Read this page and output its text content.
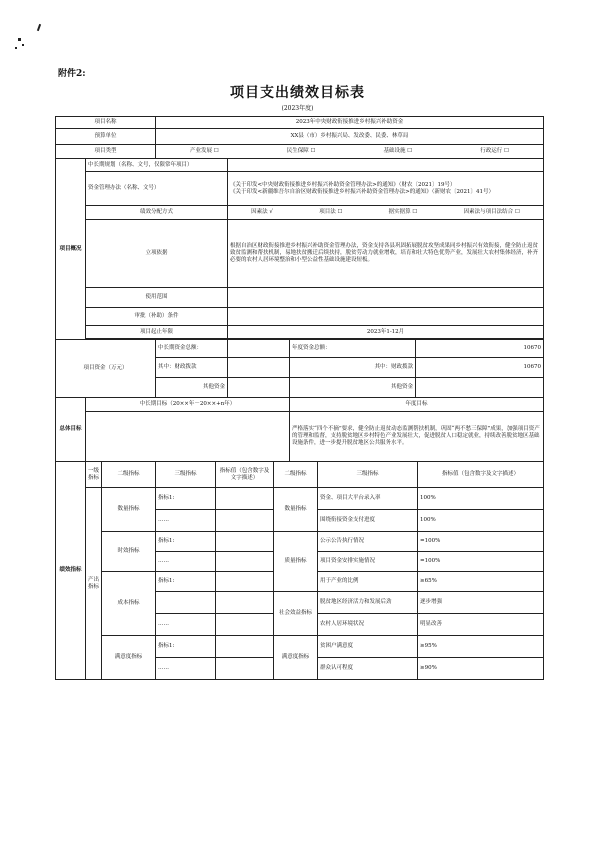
附件2:
项目支出绩效目标表
(2023年度)
项目名称		2023年中央财政衔接推进乡村振兴补助资金			
预算单位		XX县（市）乡村振兴局、发改委、民委、林草局			
项目类型		产业发展 ☐ 民生保障 ☐ 基础设施 ☐ 行政运行 ☐			

项目概况	中长期规划（名称、文号，仅限常年项目）				
	资金管理办法（名称、文号）		《关于印发<中央财政衔接推进乡村振兴补助资金管理办法>的通知》（财农〔2021〕19号）
《关于印发<新疆维吾尔自治区财政衔接推进乡村振兴补助资金管理办法>的通知》（新财农〔2021〕41号）		

	绩效分配方式		因素法 √ 项目法 ☐ 据实据算 ☐ 因素法与项目法结合 ☐		

	立项依据		根据自治区财政衔接推进乡村振兴补助资金管理办法，资金支持各县巩固拓展脱贫攻坚成果同乡村振兴有效衔接，健全防止返贫致贫监测和帮扶机制，易地扶贫搬迁后续扶持，脱贫劳动力就业增收，培育和壮大特色优势产业，发展壮大农村集体经济，补齐必要的农村人居环境整治和小型公益性基础设施建设短板。		
	使用范围				
	审批（补助）条件				
	项目起止年限		2023年1-12月		

项目资金（万元）		中长期资金总额：		年度资金总额：	10670
		其中：财政拨款		其中：财政拨款	10670
		其他资金		其他资金	
总体目标	中长期目标（20××年－20××+n年）			年度目标	
				严格落实“四个不摘”要求，健全防止返贫动态监测帮扶机制，巩固“两不愁三保障”成果，加强项目资产的管理和监督，支持脱贫地区乡村特色产业发展壮大，促进脱贫人口稳定就业，持续改善脱贫地区基础设施条件，进一步提升脱贫地区公共服务水平。	
绩效指标	一级指标	二级指标	三级指标	指标值（包含数字及文字描述）	二级指标	三级指标	指标值（包含数字及文字描述）
	产出指标	数量指标	指标1:		数量指标	资金、项目大平台录入率	100%
			……			围绕衔接资金支付进度	100%
		时效指标	指标1:		质量指标	公示公告执行情况	=100%
			……			项目资金安排实施情况	=100%
		成本指标	指标1:			用于产业的比例	≥65%
					社会效益指标	脱贫地区经济活力和发展后劲	逐步增强
			……			农村人居环境状况	明显改善
		满意度指标	指标1:		满意度指标	贫困户满意度	≥95%
			……			群众认可程度	≥90%
